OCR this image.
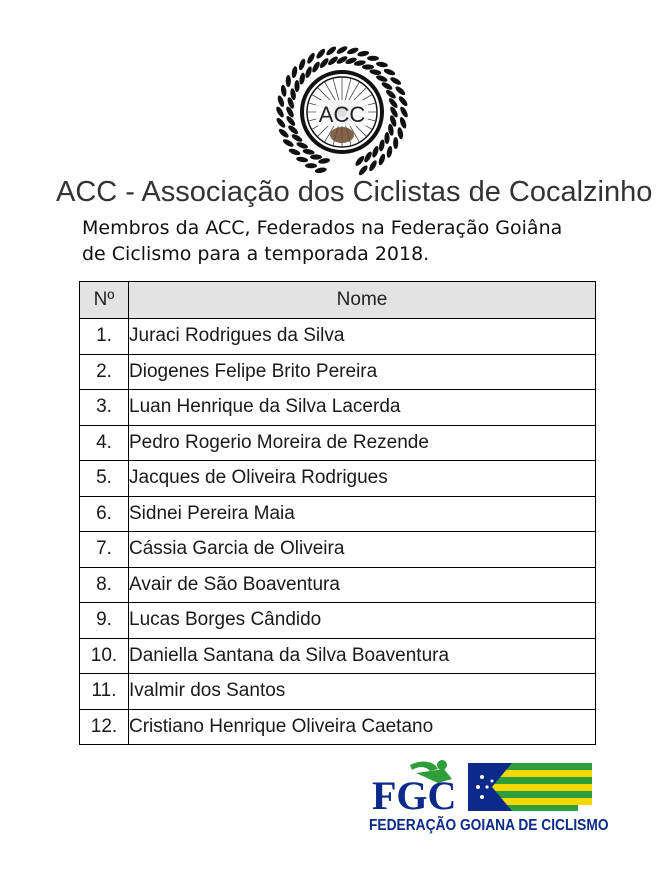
ACC
ACC - Associação dos Ciclistas de Cocalzinho
Membros da ACC, Federados na Federação Goiâna
de Ciclismo para a temporada 2018.
Nº	Nome
1.	Juraci Rodrigues da Silva
2.	Diogenes Felipe Brito Pereira
3.	Luan Henrique da Silva Lacerda
4.	Pedro Rogerio Moreira de Rezende
5.	Jacques de Oliveira Rodrigues
6.	Sidnei Pereira Maia
7.	Cássia Garcia de Oliveira
8.	Avair de São Boaventura
9.	Lucas Borges Cândido
10.	Daniella Santana da Silva Boaventura
11.	Ivalmir dos Santos
12.	Cristiano Henrique Oliveira Caetano
FGC
FEDERAÇÃO GOIANA DE CICLISMO
